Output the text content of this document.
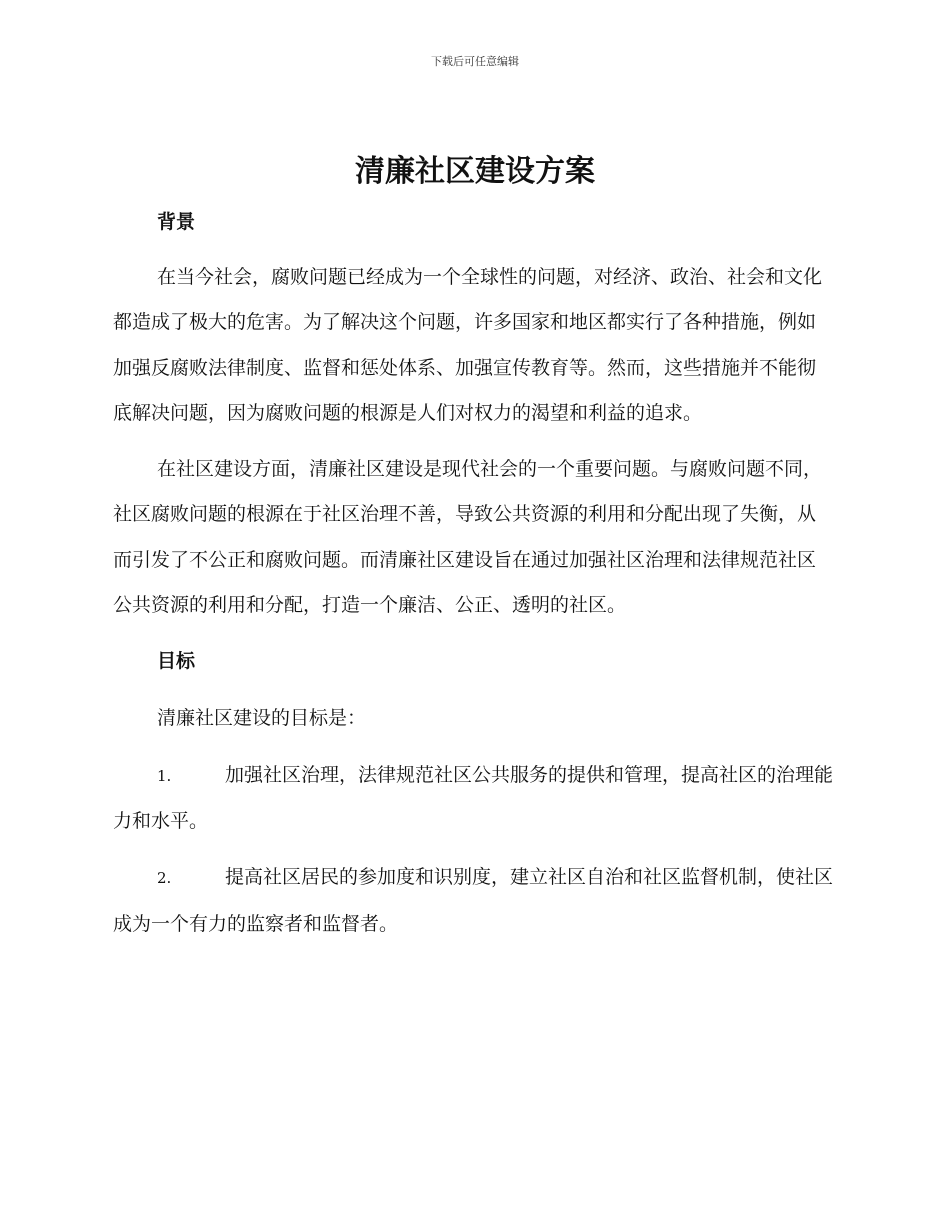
下载后可任意编辑
清廉社区建设方案
背景

在当今社会，腐败问题已经成为一个全球性的问题，对经济、政治、社会和文化都造成了极大的危害。为了解决这个问题，许多国家和地区都实行了各种措施，例如加强反腐败法律制度、监督和惩处体系、加强宣传教育等。然而，这些措施并不能彻底解决问题，因为腐败问题的根源是人们对权力的渴望和利益的追求。

在社区建设方面，清廉社区建设是现代社会的一个重要问题。与腐败问题不同，社区腐败问题的根源在于社区治理不善，导致公共资源的利用和分配出现了失衡，从而引发了不公正和腐败问题。而清廉社区建设旨在通过加强社区治理和法律规范社区公共资源的利用和分配，打造一个廉洁、公正、透明的社区。

目标

清廉社区建设的目标是：

1.	加强社区治理，法律规范社区公共服务的提供和管理，提高社区的治理能力和水平。

2.	提高社区居民的参加度和识别度，建立社区自治和社区监督机制，使社区成为一个有力的监察者和监督者。
